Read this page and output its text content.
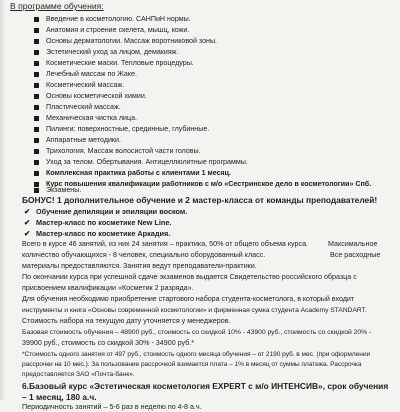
В программе обучения:
Введение в косметологию. САНПиН нормы.
Анатомия и строение скелета, мышц, кожи.
Основы дерматологии. Массаж воротниковой зоны.
Эстетический уход за лицом, демакияж.
Косметические маски. Тепловые процедуры.
Лечебный массаж по Жаке.
Косметический массаж.
Основы косметической химии.
Пластический массаж.
Механическая чистка лица.
Пилинги: поверхностные, срединные, глубинные.
Аппаратные методики.
Трихология. Массаж волосистой части головы.
Уход за телом. Обертывания. Антицеллюлитные программы.
Комплексная практика работы с клиентами 1 месяц.
Курс повышения квалификации работников с м/о «Сестринское дело в косметологии» Спб.
Экзамены.
БОНУС! 1 дополнительное обучение и 2 мастер-класса от команды преподавателей!
✔ Обучение депиляции и эпиляции воском.
✔ Мастер-класс по косметике New Line.
✔ Мастер-класс по косметике Аркадия.
Всего в курсе 46 занятий, из них 24 занятия – практика, 50% от общего объема курса.	Максимальное
количество обучающихся - 8 человек, специально оборудованный класс.	Все расходные
материалы предоставляются. Занятия ведут преподаватели-практики.
По окончании курса при успешной сдаче экзаменов выдается Свидетельство российского образца с
присвоением квалификации «Косметик 2 разряда».
Для обучения необходимо приобретение стартового набора студента-косметолога, в который входит
инструменты и книга «Основы современной косметологии» и фирменная сумка студента Academy STANDART.
Стоимость набора на текущую дату уточняется у менеджеров.
Базовая стоимость обучения – 48900 руб., стоимость со скидкой 10% - 43900 руб., стоимость со скидкой 20% -
39900 руб., стоимость со скидкой 30% - 34900 руб.*
*Стоимость одного занятия от 497 руб., стоимость одного месяца обучения – от 2190 руб. в мес. (при оформлении
рассрочки на 10 мес.). За пользование рассрочкой взимается плата – 1% в месяц от суммы платежа. Рассрочка
предоставляется ЗАО «Почта-банк».
6.Базовый курс «Эстетическая косметология EXPERT с м/о ИНТЕНСИВ», срок обучения – 1 месяц, 180 а.ч.
Периодичность занятий – 5-6 раз в неделю по 4-8 а.ч.
